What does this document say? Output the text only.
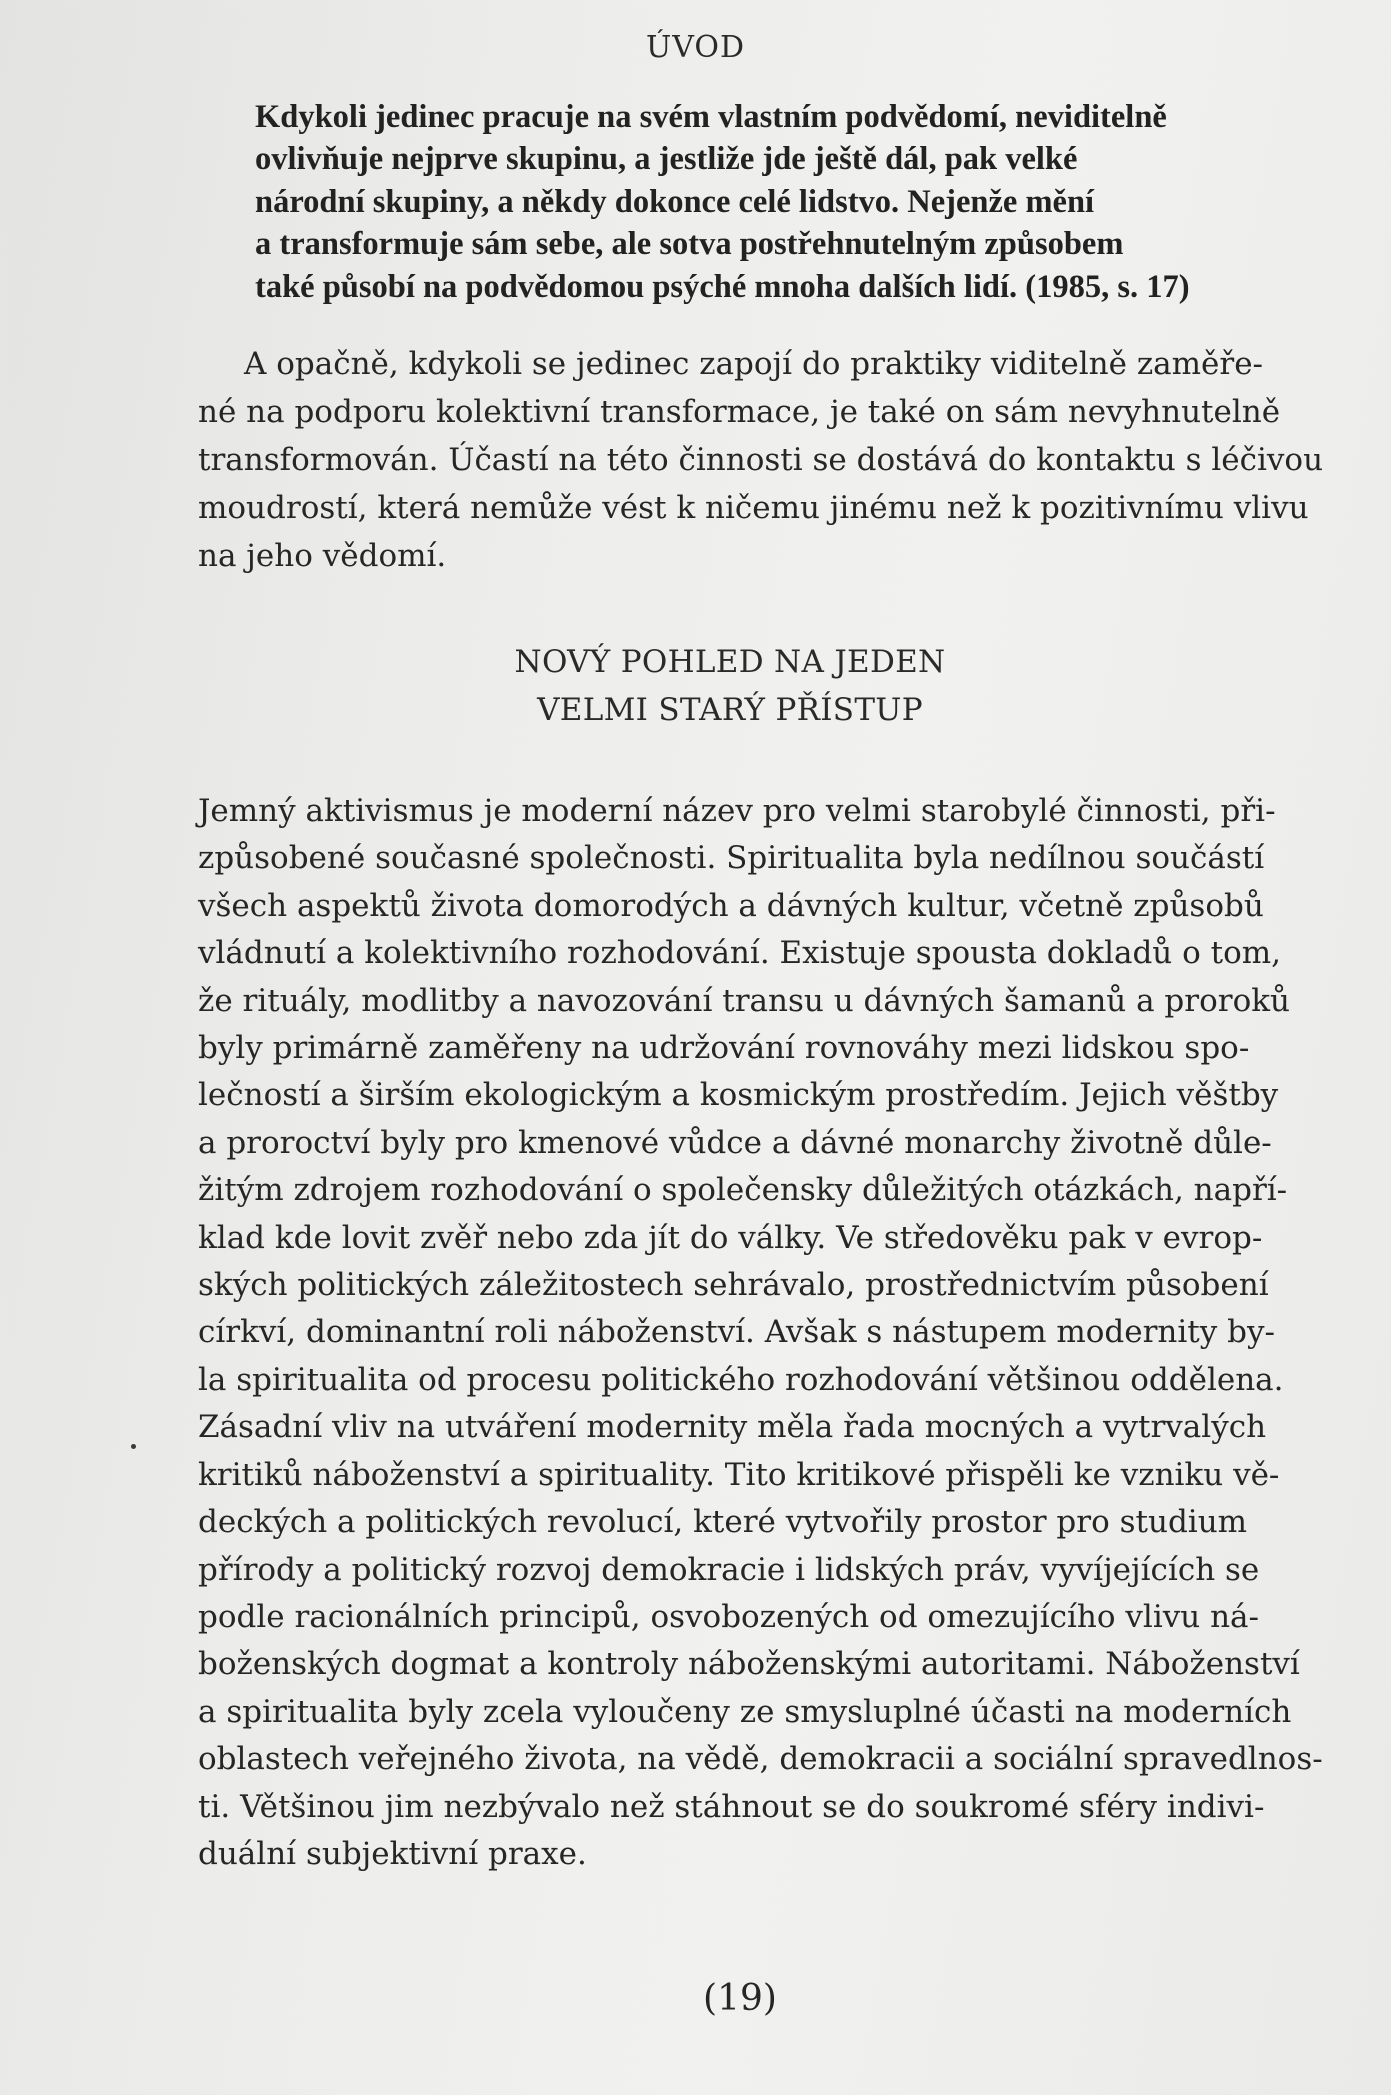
ÚVOD
Kdykoli jedinec pracuje na svém vlastním podvědomí, neviditelně
ovlivňuje nejprve skupinu, a jestliže jde ještě dál, pak velké
národní skupiny, a někdy dokonce celé lidstvo. Nejenže mění
a transformuje sám sebe, ale sotva postřehnutelným způsobem
také působí na podvědomou psýché mnoha dalších lidí. (1985, s. 17)
A opačně, kdykoli se jedinec zapojí do praktiky viditelně zaměře-
né na podporu kolektivní transformace, je také on sám nevyhnutelně
transformován. Účastí na této činnosti se dostává do kontaktu s léčivou
moudrostí, která nemůže vést k ničemu jinému než k pozitivnímu vlivu
na jeho vědomí.
NOVÝ POHLED NA JEDEN
VELMI STARÝ PŘÍSTUP
Jemný aktivismus je moderní název pro velmi starobylé činnosti, při-
způsobené současné společnosti. Spiritualita byla nedílnou součástí
všech aspektů života domorodých a dávných kultur, včetně způsobů
vládnutí a kolektivního rozhodování. Existuje spousta dokladů o tom,
že rituály, modlitby a navozování transu u dávných šamanů a proroků
byly primárně zaměřeny na udržování rovnováhy mezi lidskou spo-
lečností a širším ekologickým a kosmickým prostředím. Jejich věštby
a proroctví byly pro kmenové vůdce a dávné monarchy životně důle-
žitým zdrojem rozhodování o společensky důležitých otázkách, napří-
klad kde lovit zvěř nebo zda jít do války. Ve středověku pak v evrop-
ských politických záležitostech sehrávalo, prostřednictvím působení
církví, dominantní roli náboženství. Avšak s nástupem modernity by-
la spiritualita od procesu politického rozhodování většinou oddělena.
Zásadní vliv na utváření modernity měla řada mocných a vytrvalých
kritiků náboženství a spirituality. Tito kritikové přispěli ke vzniku vě-
deckých a politických revolucí, které vytvořily prostor pro studium
přírody a politický rozvoj demokracie i lidských práv, vyvíjejících se
podle racionálních principů, osvobozených od omezujícího vlivu ná-
boženských dogmat a kontroly náboženskými autoritami. Náboženství
a spiritualita byly zcela vyloučeny ze smysluplné účasti na moderních
oblastech veřejného života, na vědě, demokracii a sociální spravedlnos-
ti. Většinou jim nezbývalo než stáhnout se do soukromé sféry indivi-
duální subjektivní praxe.
(19)
